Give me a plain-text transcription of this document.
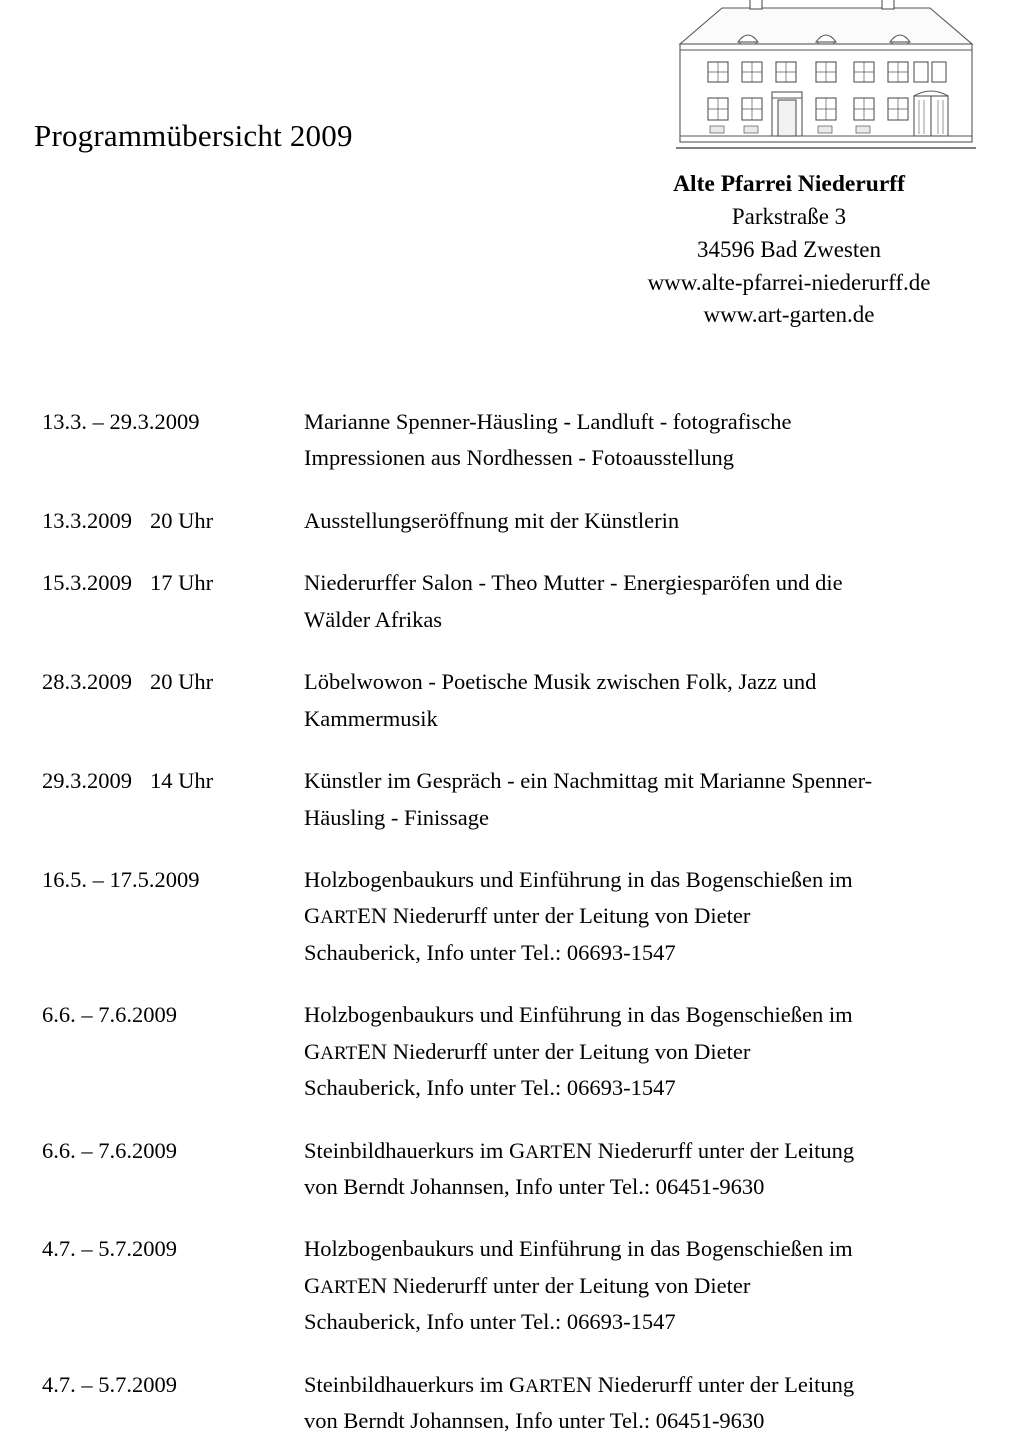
Programmübersicht 2009
Alte Pfarrei Niederurff
Parkstraße 3
34596 Bad Zwesten
www.alte-pfarrei-niederurff.de
www.art-garten.de
13.3. – 29.3.2009	Marianne Spenner-Häusling - Landluft - fotografische
Impressionen aus Nordhessen - Fotoausstellung
13.3.2009 20 Uhr	Ausstellungseröffnung mit der Künstlerin
15.3.2009 17 Uhr	Niederurffer Salon - Theo Mutter - Energiesparöfen und die
Wälder Afrikas
28.3.2009 20 Uhr	Löbelwowon - Poetische Musik zwischen Folk, Jazz und
Kammermusik
29.3.2009 14 Uhr	Künstler im Gespräch - ein Nachmittag mit Marianne Spenner-
Häusling - Finissage
16.5. – 17.5.2009	Holzbogenbaukurs und Einführung in das Bogenschießen im
GARTEN Niederurff unter der Leitung von Dieter
Schauberick, Info unter Tel.: 06693-1547
6.6. – 7.6.2009	Holzbogenbaukurs und Einführung in das Bogenschießen im
GARTEN Niederurff unter der Leitung von Dieter
Schauberick, Info unter Tel.: 06693-1547
6.6. – 7.6.2009	Steinbildhauerkurs im GARTEN Niederurff unter der Leitung
von Berndt Johannsen, Info unter Tel.: 06451-9630
4.7. – 5.7.2009	Holzbogenbaukurs und Einführung in das Bogenschießen im
GARTEN Niederurff unter der Leitung von Dieter
Schauberick, Info unter Tel.: 06693-1547
4.7. – 5.7.2009	Steinbildhauerkurs im GARTEN Niederurff unter der Leitung
von Berndt Johannsen, Info unter Tel.: 06451-9630
